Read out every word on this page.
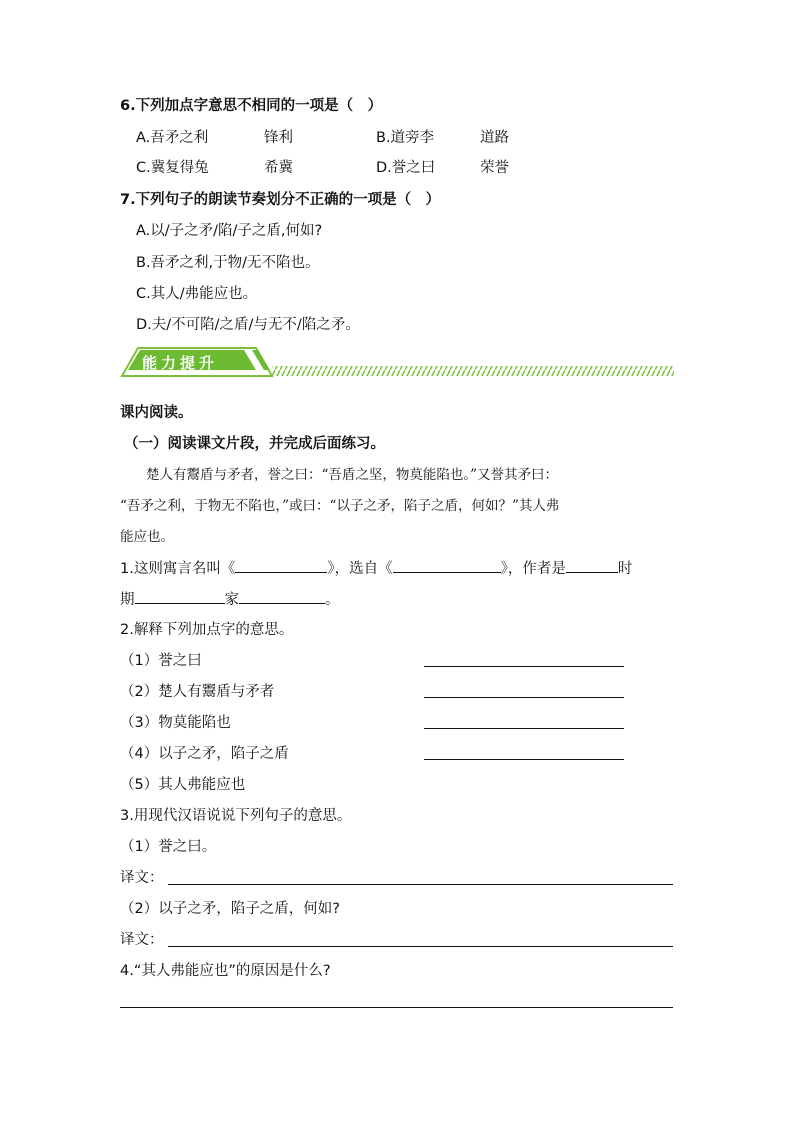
6.下列加点字意思不相同的一项是（　）
A.吾矛之利	锋利	B.道旁李	道路
C.冀复得兔	希冀	D.誉之曰	荣誉
7.下列句子的朗读节奏划分不正确的一项是（　）
A.以/子之矛/陷/子之盾,何如?
B.吾矛之利,于物/无不陷也。
C.其人/弗能应也。
D.夫/不可陷/之盾/与无不/陷之矛。
能力提升
课内阅读。
（一）阅读课文片段，并完成后面练习。
楚人有鬻盾与矛者，誉之曰：“吾盾之坚，物莫能陷也。”又誉其矛曰：
“吾矛之利，于物无不陷也，”或曰：“以子之矛，陷子之盾，何如？”其人弗
能应也。
1.这则寓言名叫《	》，选自《	》，作者是	时
期	家	。
2.解释下列加点字的意思。
（1）誉之曰
（2）楚人有鬻盾与矛者
（3）物莫能陷也
（4）以子之矛，陷子之盾
（5）其人弗能应也
3.用现代汉语说说下列句子的意思。
（1）誉之曰。
译文：
（2）以子之矛，陷子之盾，何如?
译文：
4.“其人弗能应也”的原因是什么?
